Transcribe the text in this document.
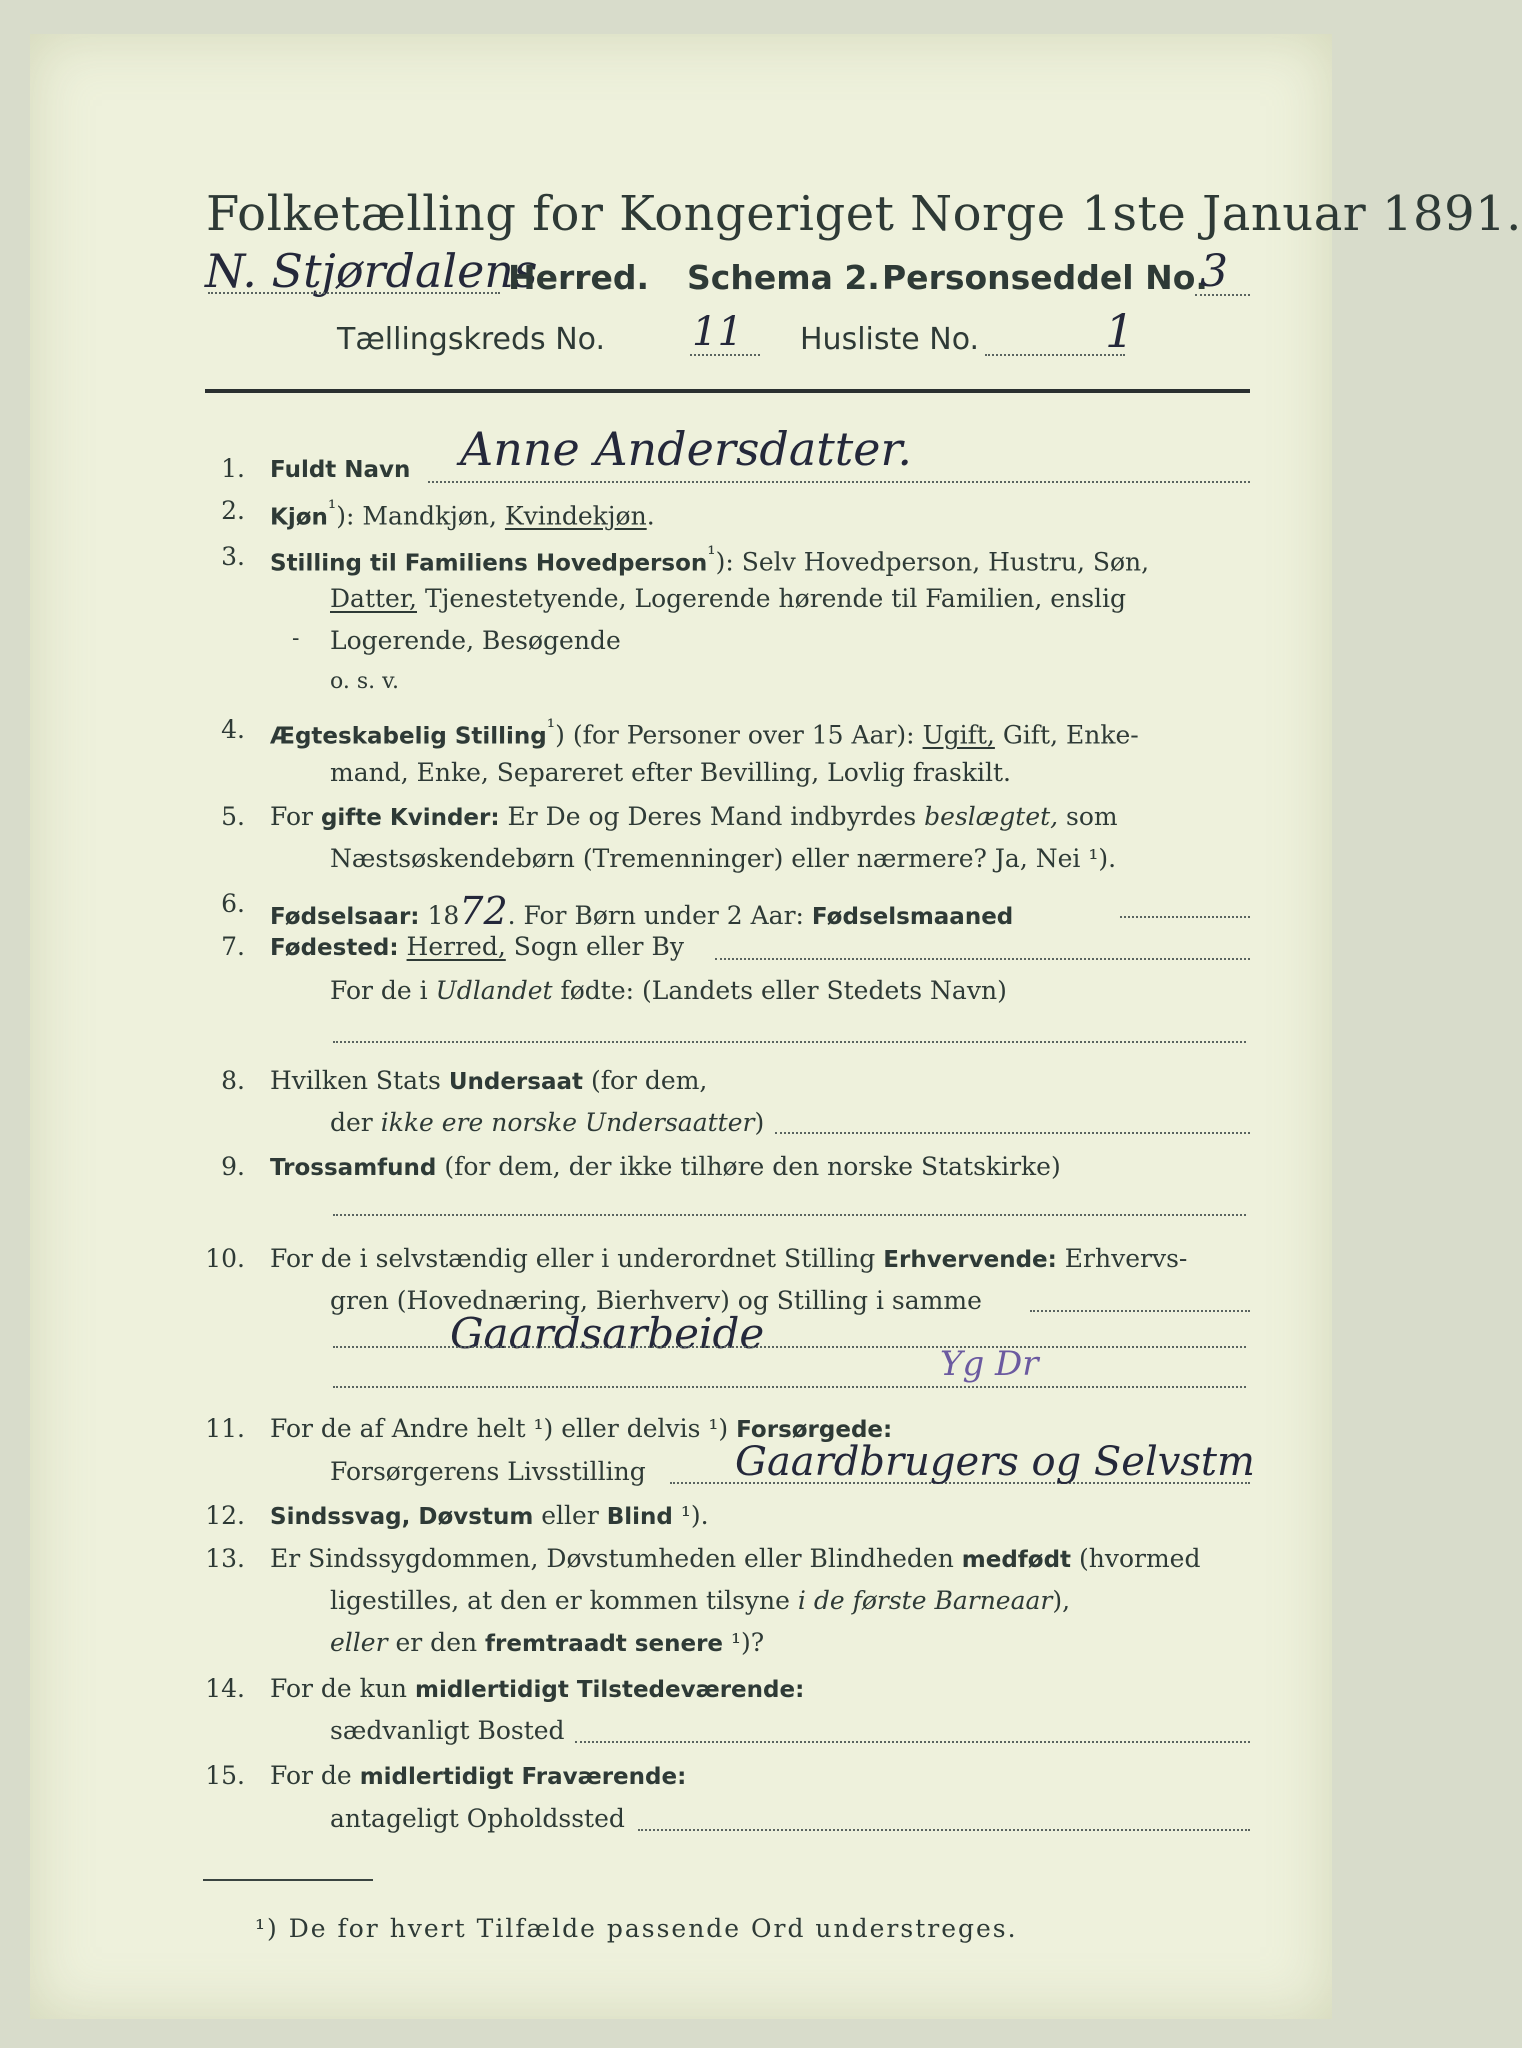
Folketælling for Kongeriget Norge 1ste Januar 1891.
N. Stjørdalens
Herred. Schema 2. Personseddel No.
3
Tællingskreds No. 11 Husliste No.	1
1. Fuldt Navn Anne Andersdatter.
2. Kjøn$^{^1}$): Mandkjøn, Kvindekjøn.
3. Stilling til Familiens Hovedperson$^{^1}$): Selv Hovedperson, Hustru, Søn,
Datter, Tjenestetyende, Logerende hørende til Familien, enslig
- Logerende, Besøgende
o. s. v.
4. Ægteskabelig Stilling$^{^1}$) (for Personer over 15 Aar): Ugift, Gift, Enke-
mand, Enke, Separeret efter Bevilling, Lovlig fraskilt.
5. For gifte Kvinder: Er De og Deres Mand indbyrdes beslægtet, som
Næstsøskendebørn (Tremenninger) eller nærmere? Ja, Nei ¹).
6. Fødselsaar: 1872. For Børn under 2 Aar: Fødselsmaaned
7. Fødested: Herred, Sogn eller By
For de i Udlandet fødte: (Landets eller Stedets Navn)
8. Hvilken Stats Undersaat (for dem,
der ikke ere norske Undersaatter)
9. Trossamfund (for dem, der ikke tilhøre den norske Statskirke)
10. For de i selvstændig eller i underordnet Stilling Erhvervende: Erhvervs-
gren (Hovednæring, Bierhverv) og Stilling i samme
Gaardsarbeide
Yg Dr
11. For de af Andre helt ¹) eller delvis ¹) Forsørgede:
Forsørgerens Livsstilling Gaardbrugers og Selvstm
12. Sindssvag, Døvstum eller Blind ¹).
13. Er Sindssygdommen, Døvstumheden eller Blindheden medfødt (hvormed
ligestilles, at den er kommen tilsyne i de første Barneaar),
eller er den fremtraadt senere ¹)?
14. For de kun midlertidigt Tilstedeværende:
sædvanligt Bosted
15. For de midlertidigt Fraværende:
antageligt Opholdssted
¹) De for hvert Tilfælde passende Ord understreges.
